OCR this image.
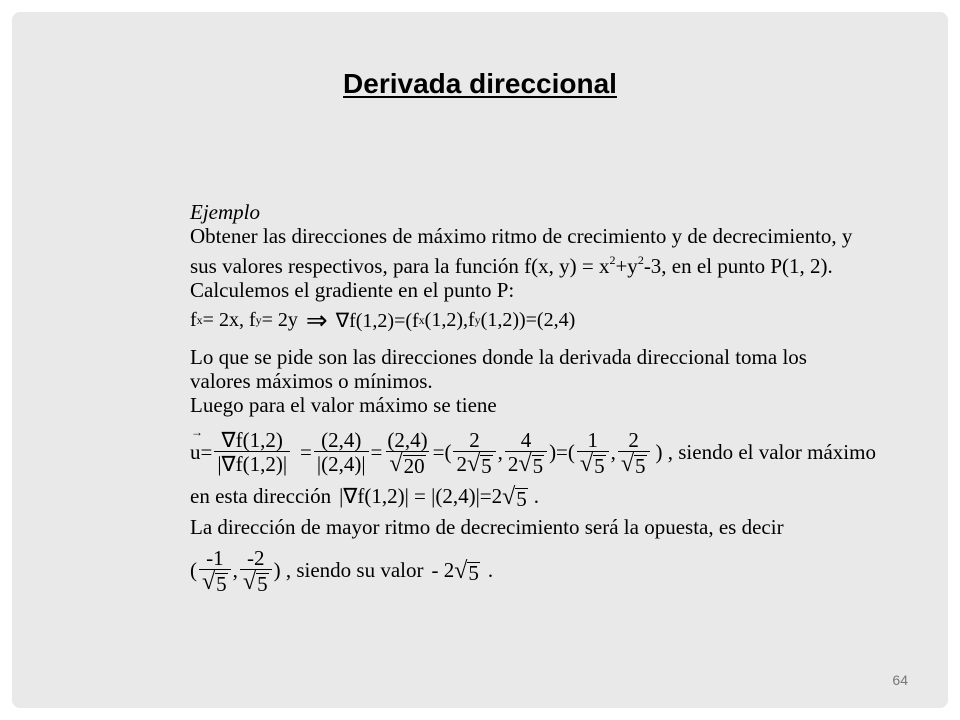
Derivada direccional
Ejemplo
Obtener las direcciones de máximo ritmo de crecimiento y de decrecimiento, y
sus valores respectivos, para la función f(x, $y) = x^2+y^2-3$, en el punto P(1, 2).
Calculemos el gradiente en el punto P:
f x = 2x, f y = 2y ⇒ ∇f(1,2)=(f x (1,2),f y (1,2))=(2,4)
Lo que se pide son las direcciones donde la derivada direccional toma los
valores máximos o mínimos.
Luego para el valor máximo se tiene
→ $u = \frac{\nabla f(1,2)}{|\nabla f(1,2)|} = \frac{(2,4)}{|(2,4)|} = \frac{(2,4)}{√ 20}$ =( $\frac{2}{2 √ 5}$ , $\frac{4}{2 √ 5}$ )=( $\frac{1}{√ 5}$ , $\frac{2}{√ 5}$ ) , siendo el valor máximo
en esta dirección |∇f(1,2)| = |(2,4)|=2 √ 5 .
La dirección de mayor ritmo de decrecimiento será la opuesta, es decir
( $\frac{-1}{√ 5}$ , $\frac{-2}{√ 5}$ ) , siendo su valor - 2 √ 5 .
64
